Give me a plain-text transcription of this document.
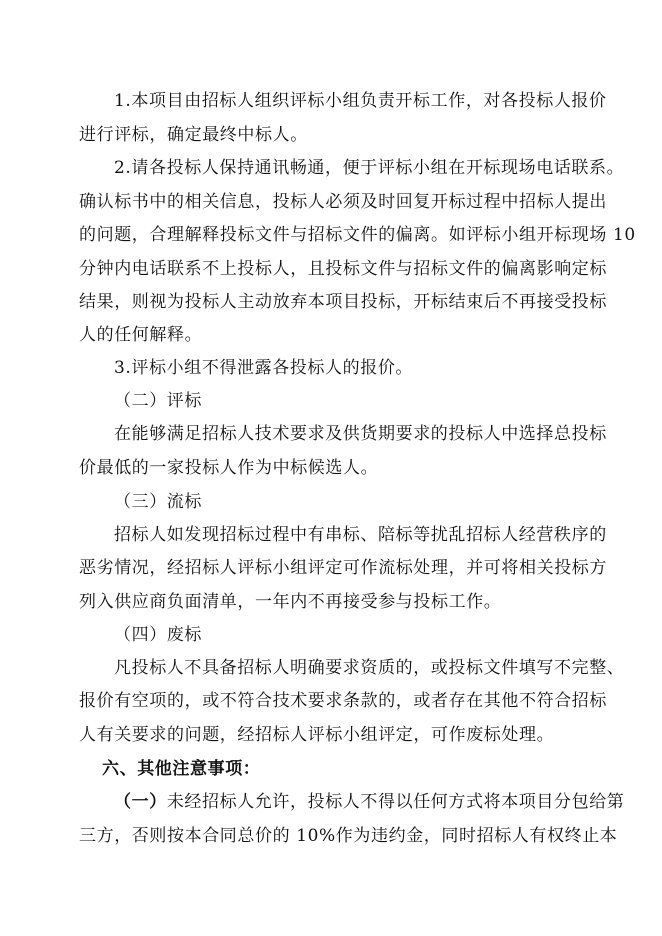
1.本项目由招标人组织评标小组负责开标工作，对各投标人报价
进行评标，确定最终中标人。
2.请各投标人保持通讯畅通，便于评标小组在开标现场电话联系。
确认标书中的相关信息，投标人必须及时回复开标过程中招标人提出
的问题，合理解释投标文件与招标文件的偏离。如评标小组开标现场 10
分钟内电话联系不上投标人，且投标文件与招标文件的偏离影响定标
结果，则视为投标人主动放弃本项目投标，开标结束后不再接受投标
人的任何解释。
3.评标小组不得泄露各投标人的报价。
（二）评标
在能够满足招标人技术要求及供货期要求的投标人中选择总投标
价最低的一家投标人作为中标候选人。
（三）流标
招标人如发现招标过程中有串标、陪标等扰乱招标人经营秩序的
恶劣情况，经招标人评标小组评定可作流标处理，并可将相关投标方
列入供应商负面清单，一年内不再接受参与投标工作。
（四）废标
凡投标人不具备招标人明确要求资质的，或投标文件填写不完整、
报价有空项的，或不符合技术要求条款的，或者存在其他不符合招标
人有关要求的问题，经招标人评标小组评定，可作废标处理。
六、其他注意事项：
（一）未经招标人允许，投标人不得以任何方式将本项目分包给第
三方，否则按本合同总价的 10%作为违约金，同时招标人有权终止本
